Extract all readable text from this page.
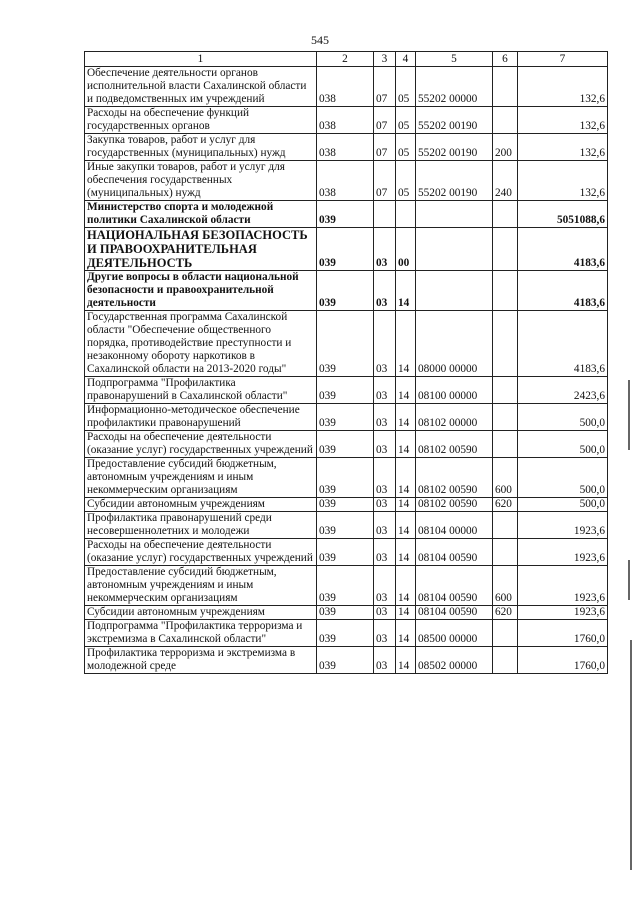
545
1	2	3	4	5	6	7
Обеспечение деятельности органов исполнительной власти Сахалинской области и подведомственных им учреждений	038	07	05	55202 00000		132,6
Расходы на обеспечение функций государственных органов	038	07	05	55202 00190		132,6
Закупка товаров, работ и услуг для государственных (муниципальных) нужд	038	07	05	55202 00190	200	132,6
Иные закупки товаров, работ и услуг для обеспечения государственных (муниципальных) нужд	038	07	05	55202 00190	240	132,6
Министерство спорта и молодежной политики Сахалинской области	039					5051088,6
НАЦИОНАЛЬНАЯ БЕЗОПАСНОСТЬ И ПРАВООХРАНИТЕЛЬНАЯ ДЕЯТЕЛЬНОСТЬ	039	03	00			4183,6
Другие вопросы в области национальной безопасности и правоохранительной деятельности	039	03	14			4183,6
Государственная программа Сахалинской области "Обеспечение общественного порядка, противодействие преступности и незаконному обороту наркотиков в Сахалинской области на 2013-2020 годы"	039	03	14	08000 00000		4183,6
Подпрограмма "Профилактика правонарушений в Сахалинской области"	039	03	14	08100 00000		2423,6
Информационно-методическое обеспечение профилактики правонарушений	039	03	14	08102 00000		500,0
Расходы на обеспечение деятельности (оказание услуг) государственных учреждений	039	03	14	08102 00590		500,0
Предоставление субсидий бюджетным, автономным учреждениям и иным некоммерческим организациям	039	03	14	08102 00590	600	500,0
Субсидии автономным учреждениям	039	03	14	08102 00590	620	500,0
Профилактика правонарушений среди несовершеннолетних и молодежи	039	03	14	08104 00000		1923,6
Расходы на обеспечение деятельности (оказание услуг) государственных учреждений	039	03	14	08104 00590		1923,6
Предоставление субсидий бюджетным, автономным учреждениям и иным некоммерческим организациям	039	03	14	08104 00590	600	1923,6
Субсидии автономным учреждениям	039	03	14	08104 00590	620	1923,6
Подпрограмма "Профилактика терроризма и экстремизма в Сахалинской области"	039	03	14	08500 00000		1760,0
Профилактика терроризма и экстремизма в молодежной среде	039	03	14	08502 00000		1760,0
